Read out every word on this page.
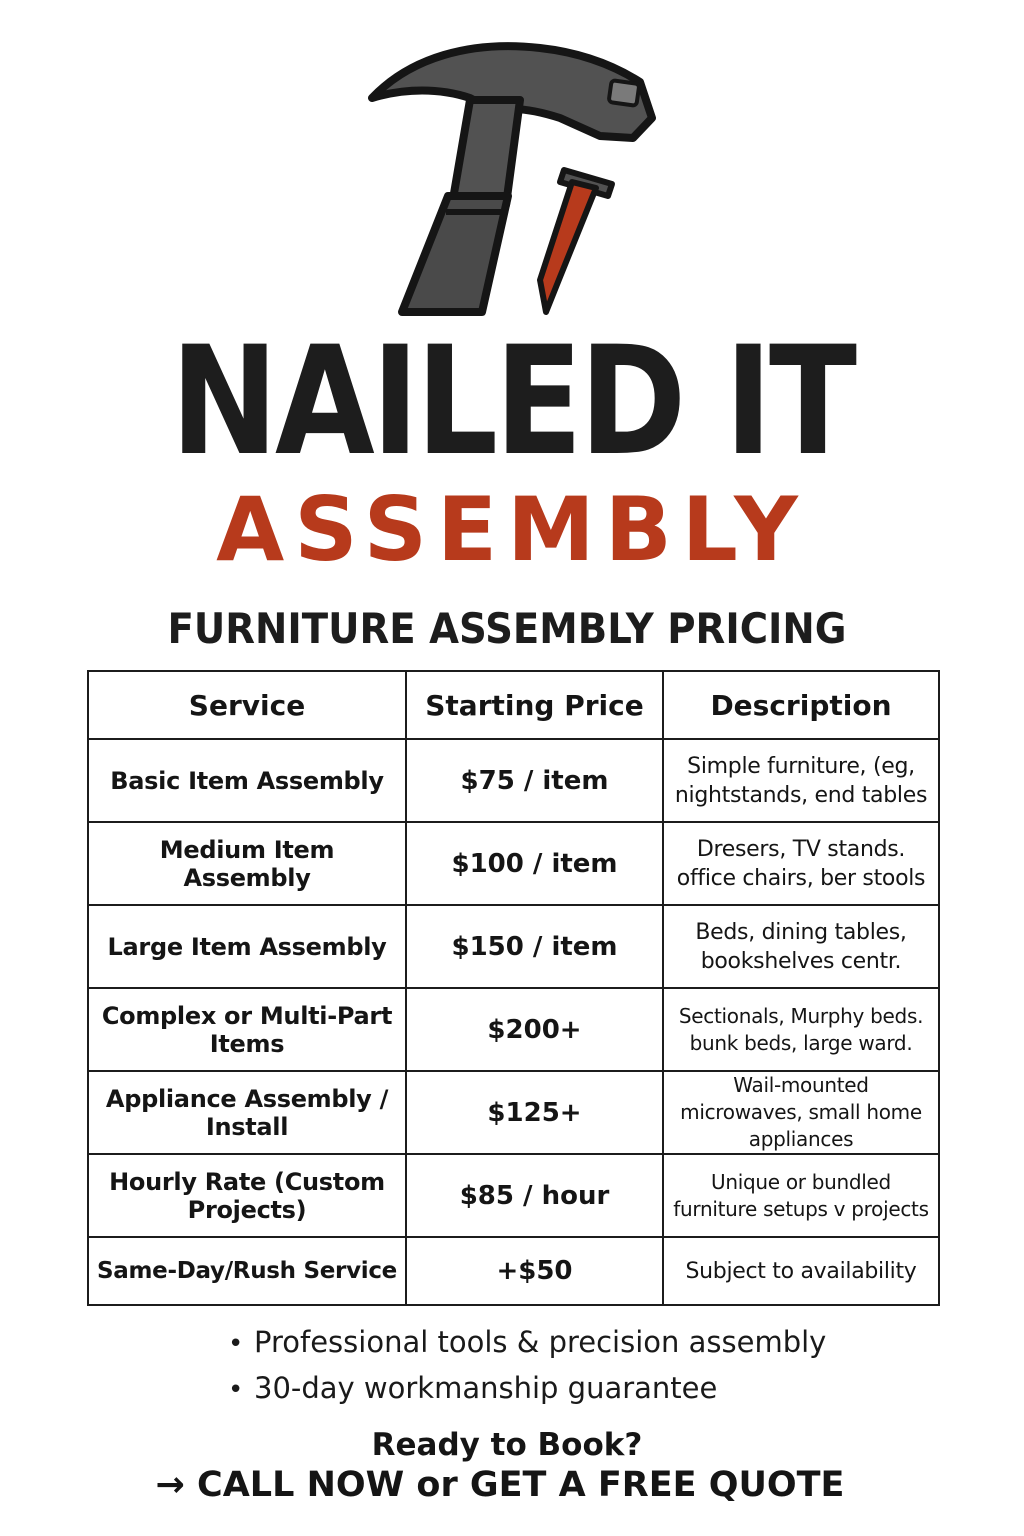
NAILED IT
ASSEMBLY
FURNITURE ASSEMBLY PRICING
Service	Starting Price	Description
Basic Item Assembly	$75 / item	Simple furniture, (eg, nightstands, end tables
Medium Item Assembly	$100 / item	Dresers, TV stands. office chairs, ber stools
Large Item Assembly	$150 / item	Beds, dining tables, bookshelves centr.
Complex or Multi-Part Items	$200+	Sectionals, Murphy beds. bunk beds, large ward.
Appliance Assembly / Install	$125+	Wail-mounted microwaves, small home appliances
Hourly Rate (Custom Projects)	$85 / hour	Unique or bundled furniture setups v projects
Same-Day/Rush Service	+$50	Subject to availability
• Professional tools & precision assembly
• 30-day workmanship guarantee
Ready to Book?
→ CALL NOW or GET A FREE QUOTE
